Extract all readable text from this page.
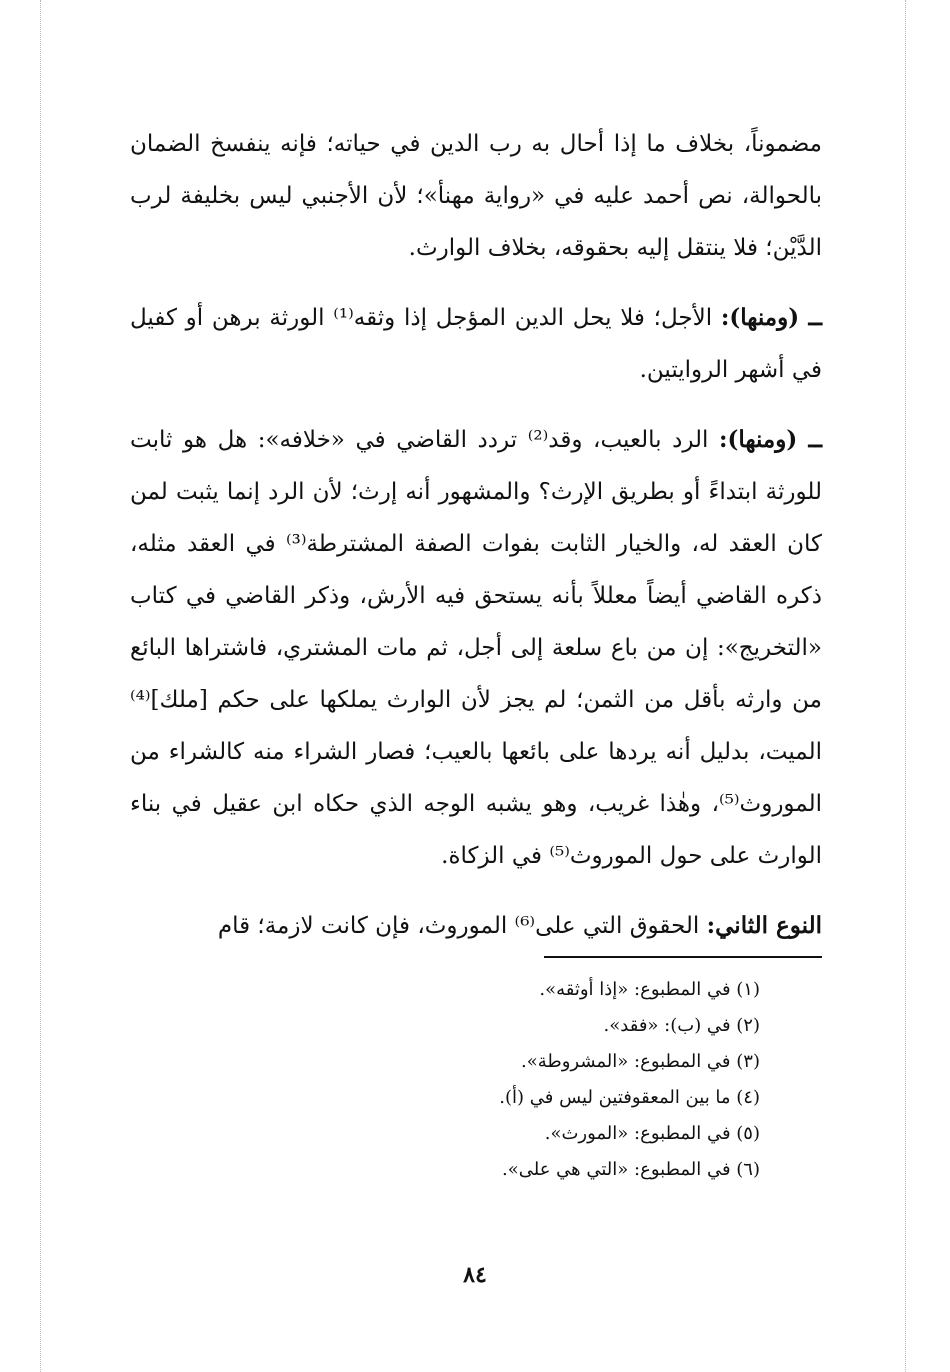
مضموناً، بخلاف ما إذا أحال به رب الدين في حياته؛ فإنه ينفسخ الضمان بالحوالة، نص أحمد عليه في «رواية مهنأ»؛ لأن الأجنبي ليس بخليفة لرب الدَّيْن؛ فلا ينتقل إليه بحقوقه، بخلاف الوارث.

ــ (ومنها): الأجل؛ فلا يحل الدين المؤجل إذا وثقه⁽¹⁾ الورثة برهن أو كفيل في أشهر الروايتين.

ــ (ومنها): الرد بالعيب، وقد⁽²⁾ تردد القاضي في «خلافه»: هل هو ثابت للورثة ابتداءً أو بطريق الإرث؟ والمشهور أنه إرث؛ لأن الرد إنما يثبت لمن كان العقد له، والخيار الثابت بفوات الصفة المشترطة⁽³⁾ في العقد مثله، ذكره القاضي أيضاً معللاً بأنه يستحق فيه الأرش، وذكر القاضي في كتاب «التخريج»: إن من باع سلعة إلى أجل، ثم مات المشتري، فاشتراها البائع من وارثه بأقل من الثمن؛ لم يجز لأن الوارث يملكها على حكم [ملك]⁽⁴⁾ الميت، بدليل أنه يردها على بائعها بالعيب؛ فصار الشراء منه كالشراء من الموروث⁽⁵⁾، وهٰذا غريب، وهو يشبه الوجه الذي حكاه ابن عقيل في بناء الوارث على حول الموروث⁽⁵⁾ في الزكاة.

النوع الثاني: الحقوق التي على⁽⁶⁾ الموروث، فإن كانت لازمة؛ قام

(١) في المطبوع: «إذا أوثقه».
(٢) في (ب): «فقد».
(٣) في المطبوع: «المشروطة».
(٤) ما بين المعقوفتين ليس في (أ).
(٥) في المطبوع: «المورث».
(٦) في المطبوع: «التي هي على».
٨٤
